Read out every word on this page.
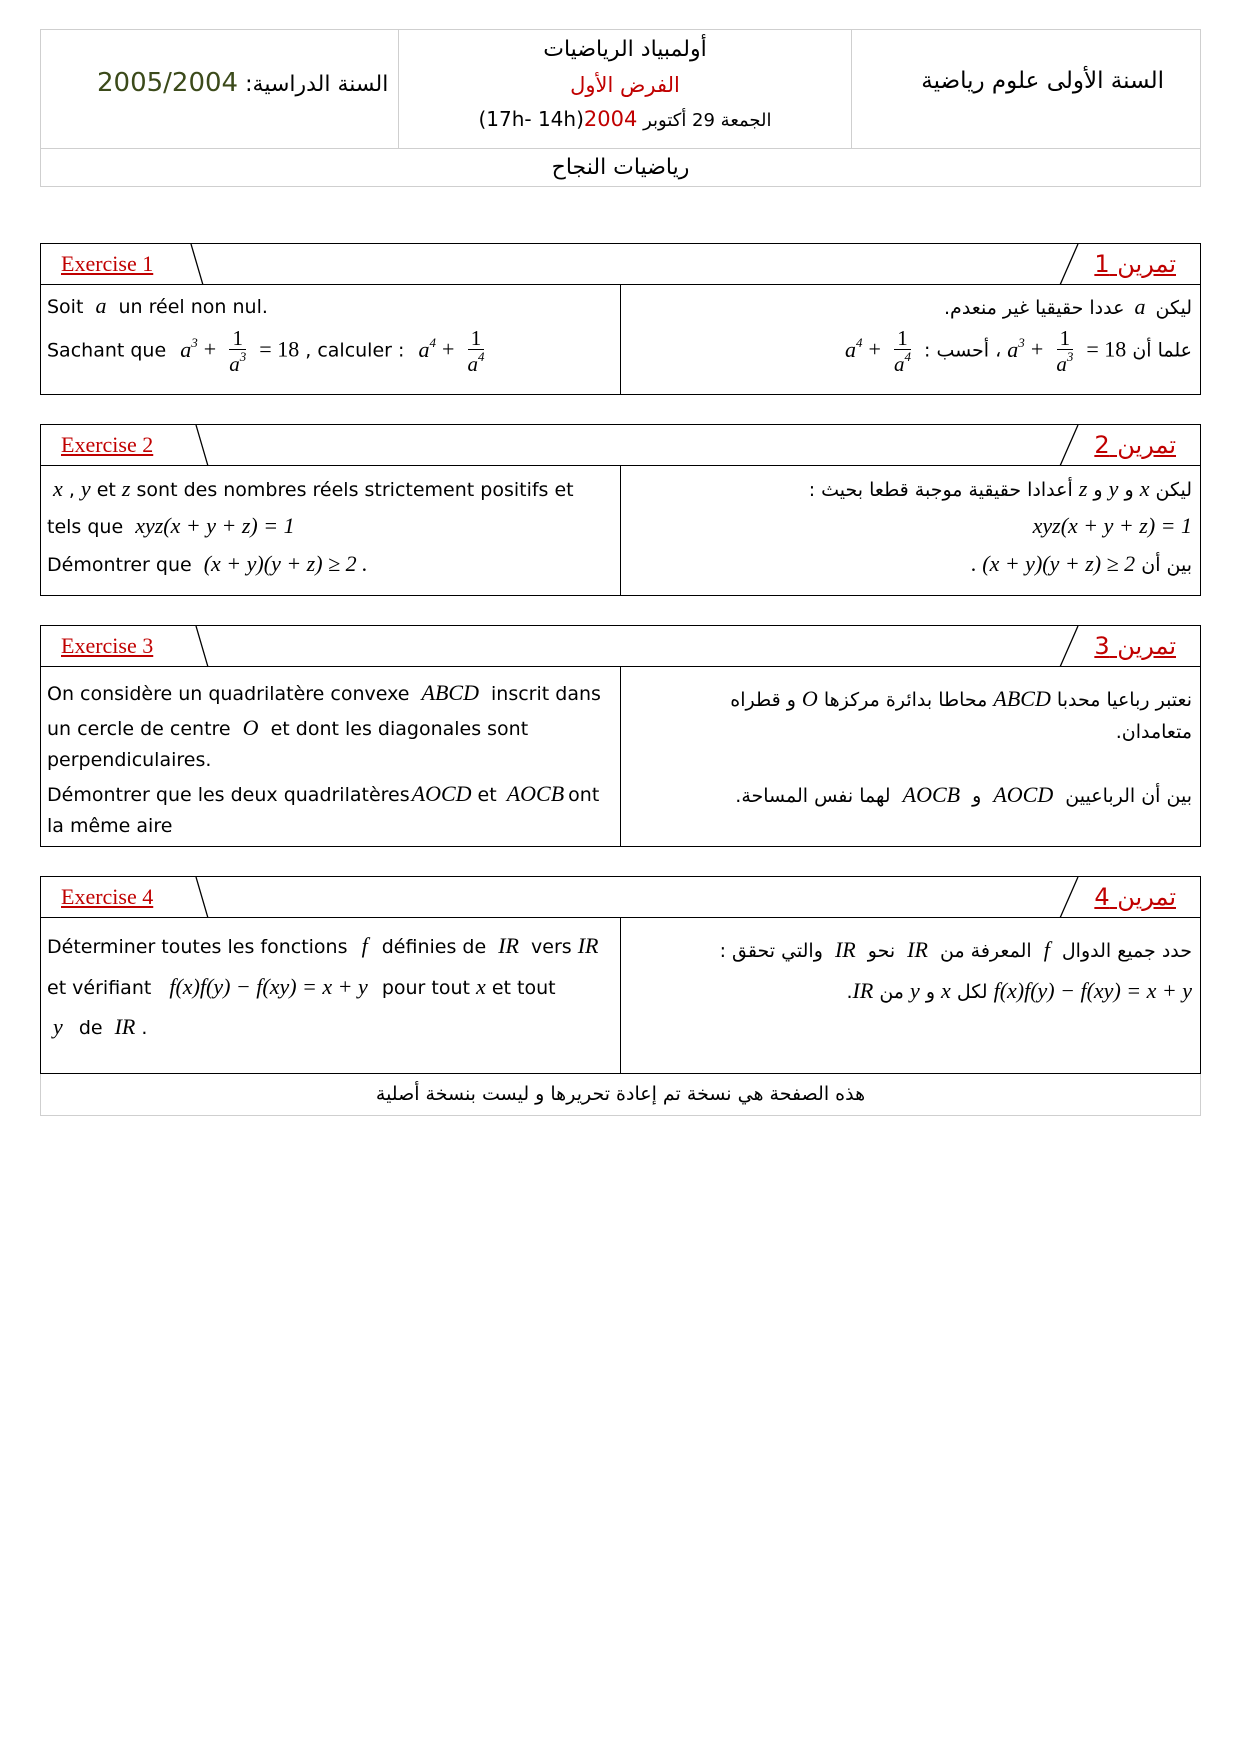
السنة الدراسية: 2005/2004
أولمبياد الرياضيات
الفرض الأول
الجمعة 29 أكتوبر 2004(17h- 14h)
السنة الأولى علوم رياضية
رياضيات النجاح
Exercise 1	تمرين 1
Soit a un réel non nul.
Sachant que $a^3 + \frac{1}{a^3} = 18$ , calculer : $a^4 + \frac{1}{a^4}$
ليكن a عددا حقيقيا غير منعدم.
علما أن $a^3 + \frac{1}{a^3} = 18$ ، أحسب : $a^4 + \frac{1}{a^4}$
Exercise 2	تمرين 2
x , y et z sont des nombres réels strictement positifs et
tels que xyz(x + y + z) = 1
Démontrer que (x + y)(y + z) ≥ 2 .
ليكن x و y و z أعدادا حقيقية موجبة قطعا بحيث :
xyz(x + y + z) = 1
بين أن . (x + y)(y + z) ≥ 2
Exercise 3	تمرين 3
On considère un quadrilatère convexe ABCD inscrit dans
un cercle de centre O et dont les diagonales sont
perpendiculaires.
Démontrer que les deux quadrilatèresAOCD et AOCB ont
la même aire
نعتبر رباعيا محدبا ABCD محاطا بدائرة مركزها O و قطراه
متعامدان.
بين أن الرباعيين AOCD و AOCB لهما نفس المساحة.
Exercise 4	تمرين 4
Déterminer toutes les fonctions f définies de IR vers IR
et vérifiant f(x)f(y) − f(xy) = x + y pour tout x et tout
y de IR .
حدد جميع الدوال f المعرفة من IR نحو IR والتي تحقق :
f(x)f(y) − f(xy) = x + y لكل x و y من IR.
هذه الصفحة هي نسخة تم إعادة تحريرها و ليست بنسخة أصلية
